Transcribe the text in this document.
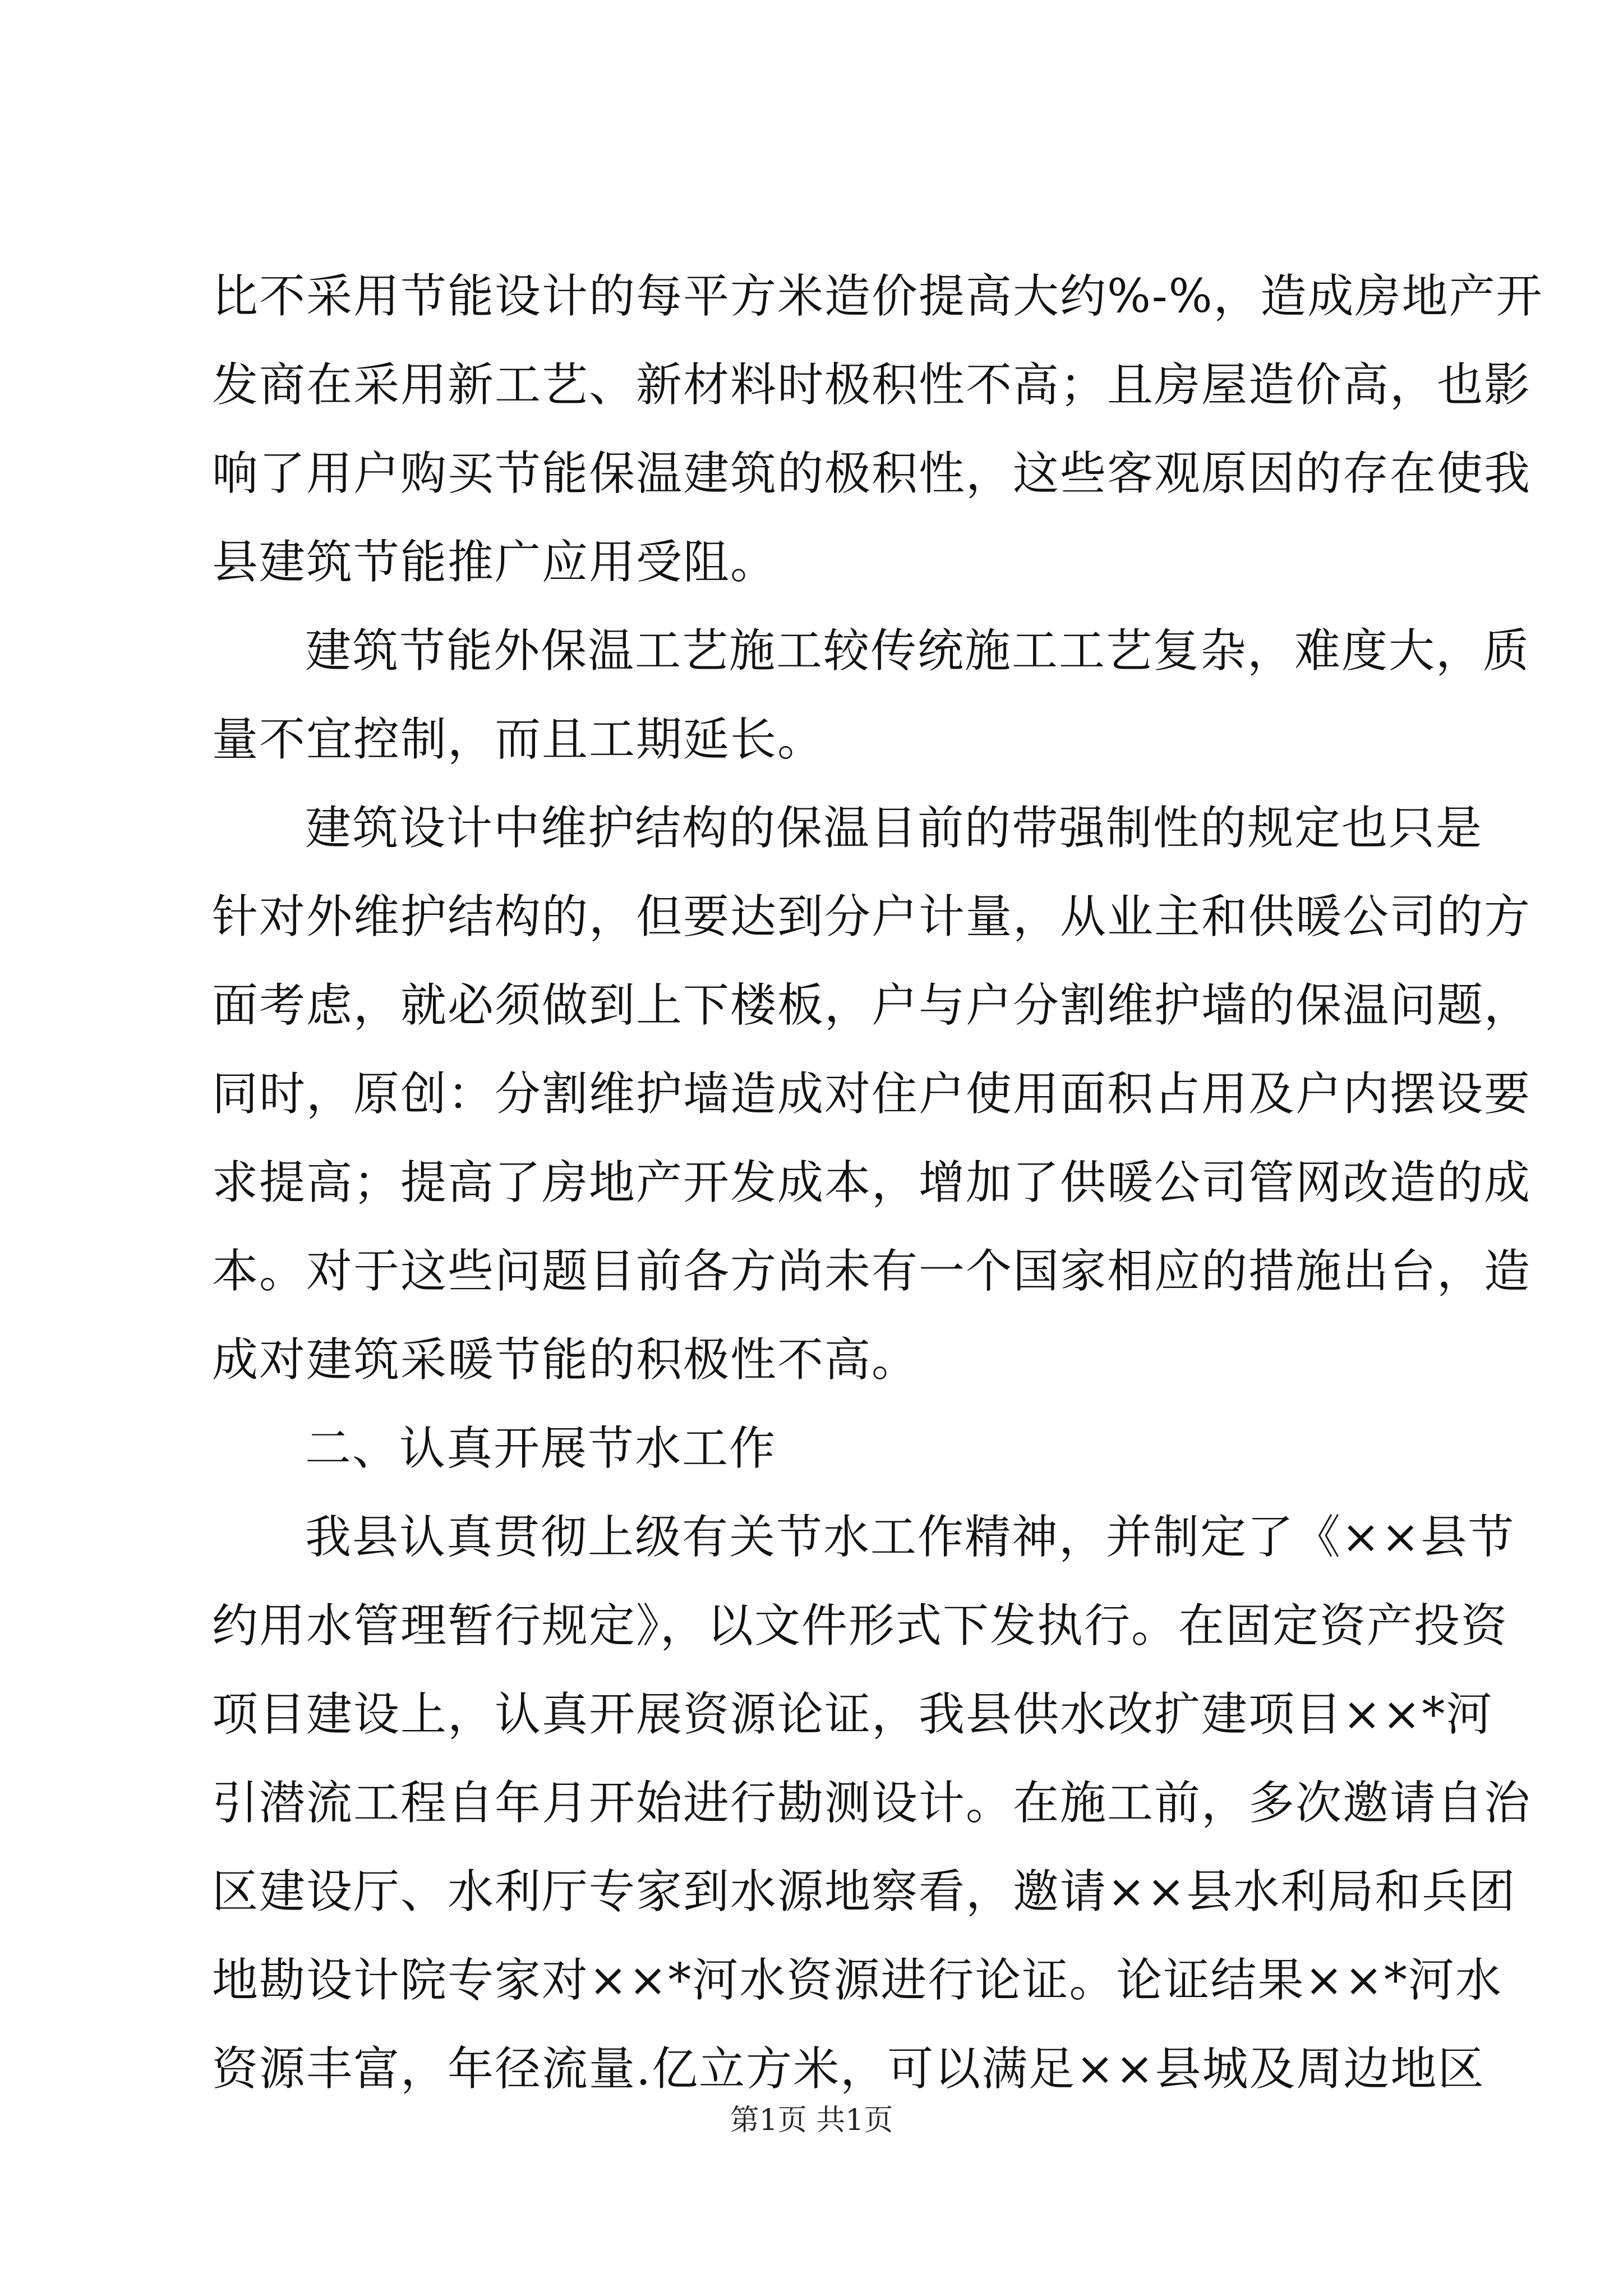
比不采用节能设计的每平方米造价提高大约%-%，造成房地产开
发商在采用新工艺、新材料时极积性不高；且房屋造价高，也影
响了用户购买节能保温建筑的极积性，这些客观原因的存在使我
县建筑节能推广应用受阻。
建筑节能外保温工艺施工较传统施工工艺复杂，难度大，质
量不宜控制，而且工期延长。
建筑设计中维护结构的保温目前的带强制性的规定也只是
针对外维护结构的，但要达到分户计量，从业主和供暖公司的方
面考虑，就必须做到上下楼板，户与户分割维护墙的保温问题，
同时，原创：分割维护墙造成对住户使用面积占用及户内摆设要
求提高；提高了房地产开发成本，增加了供暖公司管网改造的成
本。对于这些问题目前各方尚未有一个国家相应的措施出台，造
成对建筑采暖节能的积极性不高。
二、认真开展节水工作
我县认真贯彻上级有关节水工作精神，并制定了《××县节
约用水管理暂行规定》，以文件形式下发执行。在固定资产投资
项目建设上，认真开展资源论证，我县供水改扩建项目××*河
引潜流工程自年月开始进行勘测设计。在施工前，多次邀请自治
区建设厅、水利厅专家到水源地察看，邀请××县水利局和兵团
地勘设计院专家对××*河水资源进行论证。论证结果××*河水
资源丰富，年径流量.亿立方米，可以满足××县城及周边地区
第1页 共1页
